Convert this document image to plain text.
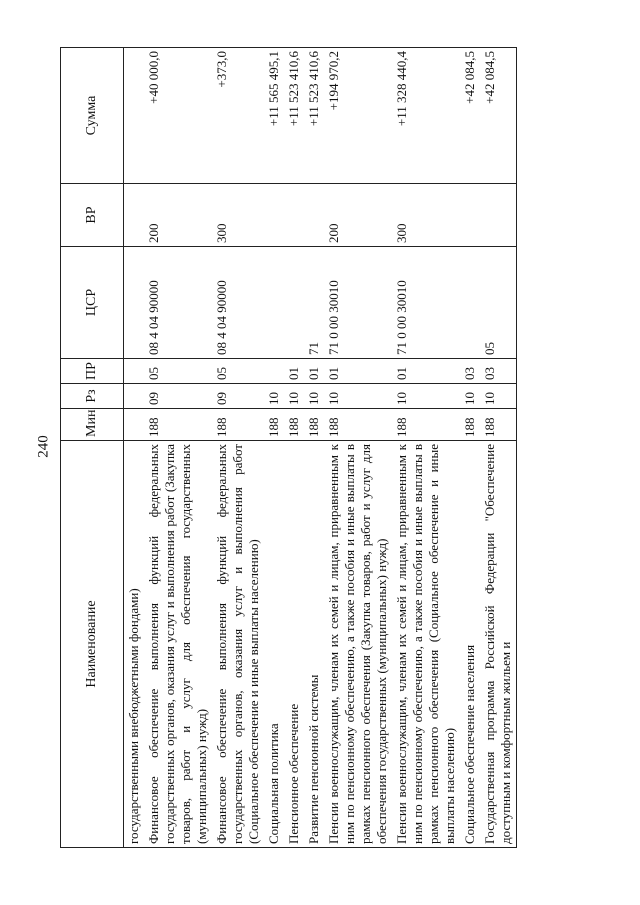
240
Наименование	Мин	Рз	ПР	ЦСР	ВР	Сумма
государственными внебюджетными фондами)						
Финансовое обеспечение выполнения функций федеральных государственных органов, оказания услуг и выполнения работ (Закупка товаров, работ и услуг для обеспечения государственных (муниципальных) нужд)	188	09	05	08 4 04 90000	200	+40 000,0
Финансовое обеспечение выполнения функций федеральных государственных органов, оказания услуг и выполнения работ (Социальное обеспечение и иные выплаты населению)	188	09	05	08 4 04 90000	300	+373,0
Социальная политика	188	10				+11 565 495,1
Пенсионное обеспечение	188	10	01			+11 523 410,6
Развитие пенсионной системы	188	10	01	71		+11 523 410,6
Пенсии военнослужащим, членам их семей и лицам, приравненным к ним по пенсионному обеспечению, а также пособия и иные выплаты в рамках пенсионного обеспечения (Закупка товаров, работ и услуг для обеспечения государственных (муниципальных) нужд)	188	10	01	71 0 00 30010	200	+194 970,2
Пенсии военнослужащим, членам их семей и лицам, приравненным к ним по пенсионному обеспечению, а также пособия и иные выплаты в рамках пенсионного обеспечения (Социальное обеспечение и иные выплаты населению)	188	10	01	71 0 00 30010	300	+11 328 440,4
Социальное обеспечение населения	188	10	03			+42 084,5
Государственная программа Российской Федерации "Обеспечение доступным и комфортным жильем и	188	10	03	05		+42 084,5
